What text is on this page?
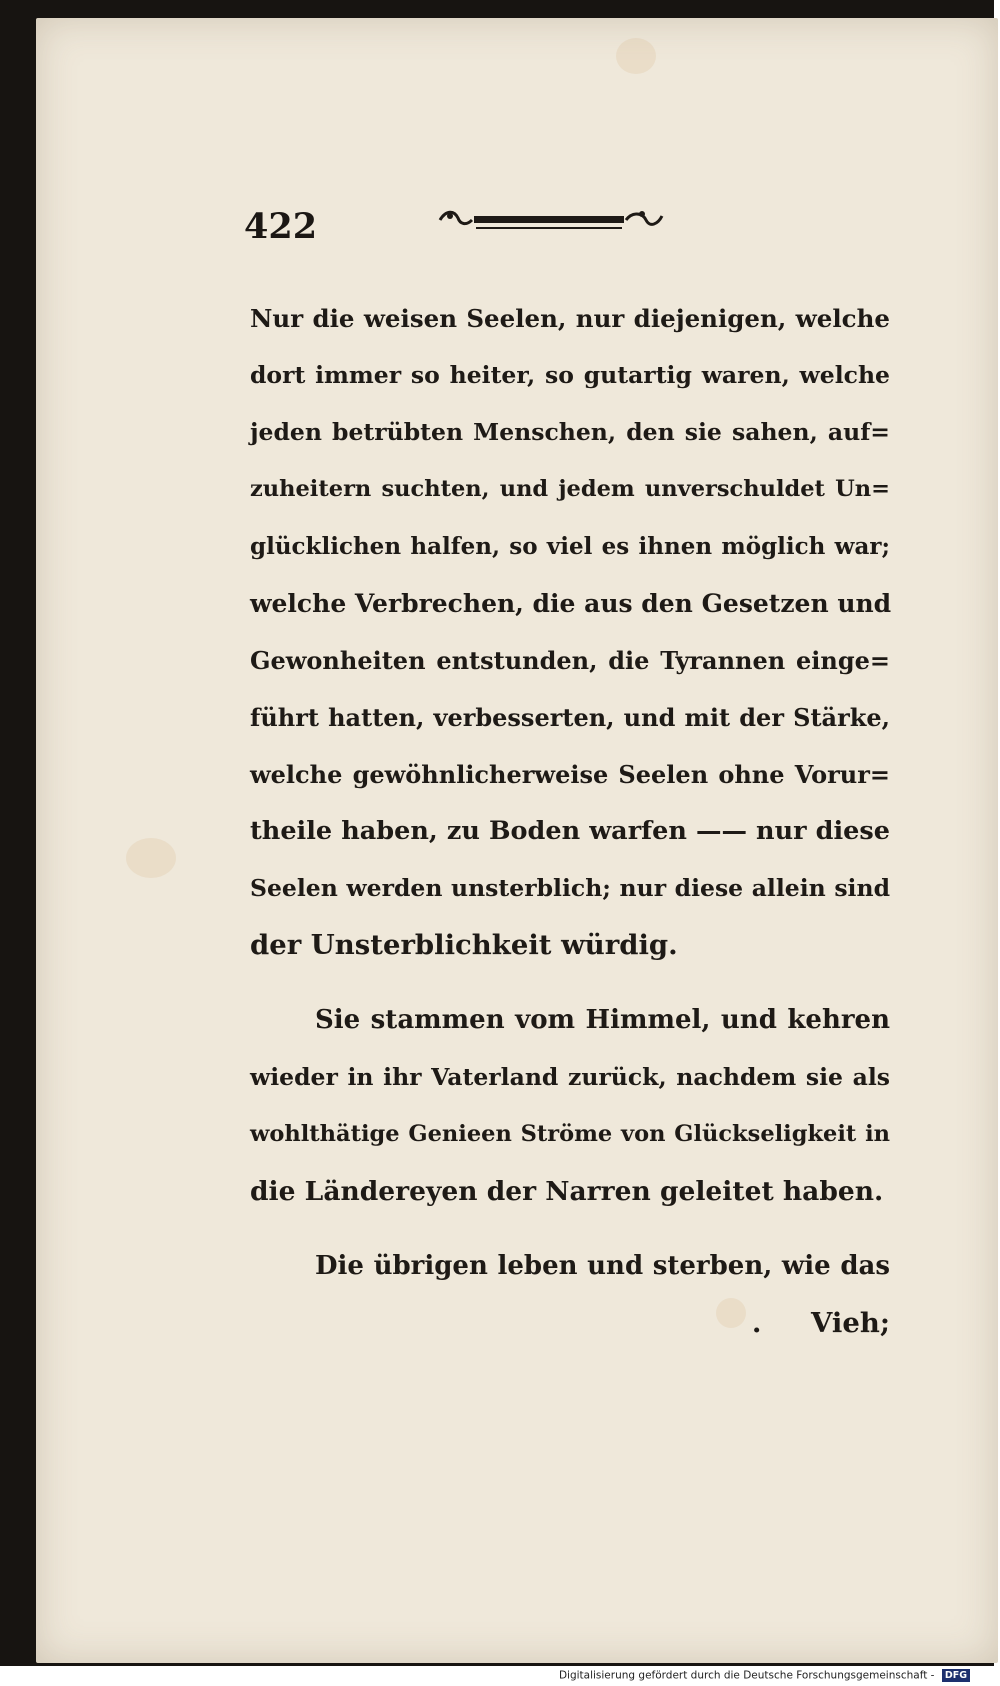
422
Nur die weisen Seelen, nur diejenigen, welche
dort immer so heiter, so gutartig waren, welche
jeden betrübten Menschen, den sie sahen, auf=
zuheitern suchten, und jedem unverschuldet Un=
glücklichen halfen, so viel es ihnen möglich war;
welche Verbrechen, die aus den Gesetzen und
Gewonheiten entstunden, die Tyrannen einge=
führt hatten, verbesserten, und mit der Stärke,
welche gewöhnlicherweise Seelen ohne Vorur=
theile haben, zu Boden warfen —— nur diese
Seelen werden unsterblich; nur diese allein sind
der Unsterblichkeit würdig.
Sie stammen vom Himmel, und kehren
wieder in ihr Vaterland zurück, nachdem sie als
wohlthätige Genieen Ströme von Glückseligkeit in
die Ländereyen der Narren geleitet haben.
Die übrigen leben und sterben, wie das
. Vieh;
Digitalisierung gefördert durch die Deutsche Forschungsgemeinschaft - DFG
